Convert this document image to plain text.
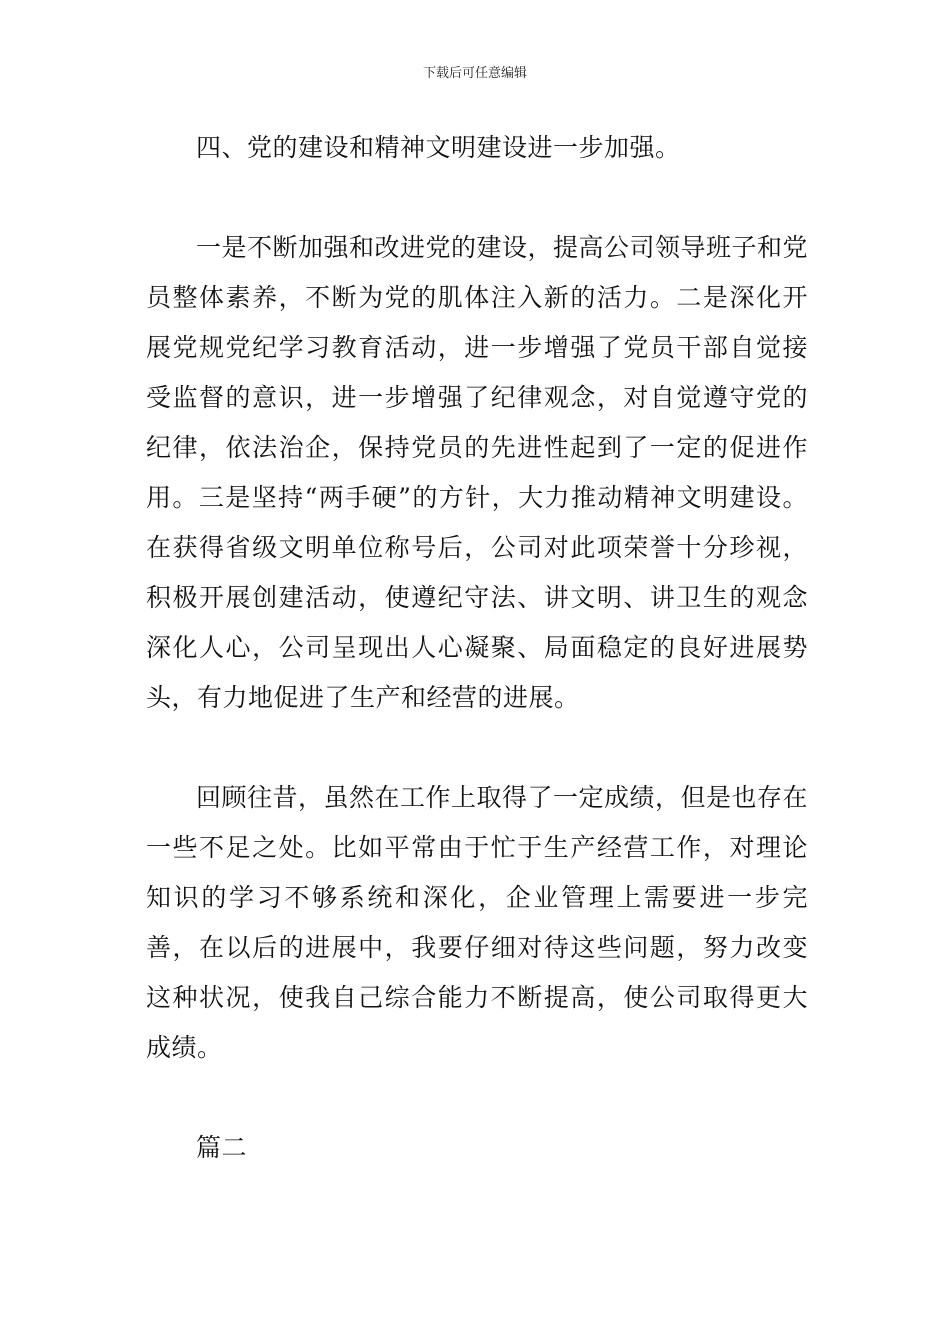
下载后可任意编辑

四、党的建设和精神文明建设进一步加强。

一是不断加强和改进党的建设，提高公司领导班子和党员整体素养，不断为党的肌体注入新的活力。二是深化开展党规党纪学习教育活动，进一步增强了党员干部自觉接受监督的意识，进一步增强了纪律观念，对自觉遵守党的纪律，依法治企，保持党员的先进性起到了一定的促进作用。三是坚持“两手硬”的方针，大力推动精神文明建设。在获得省级文明单位称号后，公司对此项荣誉十分珍视，积极开展创建活动，使遵纪守法、讲文明、讲卫生的观念深化人心，公司呈现出人心凝聚、局面稳定的良好进展势头，有力地促进了生产和经营的进展。

回顾往昔，虽然在工作上取得了一定成绩，但是也存在一些不足之处。比如平常由于忙于生产经营工作，对理论知识的学习不够系统和深化，企业管理上需要进一步完善，在以后的进展中，我要仔细对待这些问题，努力改变这种状况，使我自己综合能力不断提高，使公司取得更大成绩。

篇二
